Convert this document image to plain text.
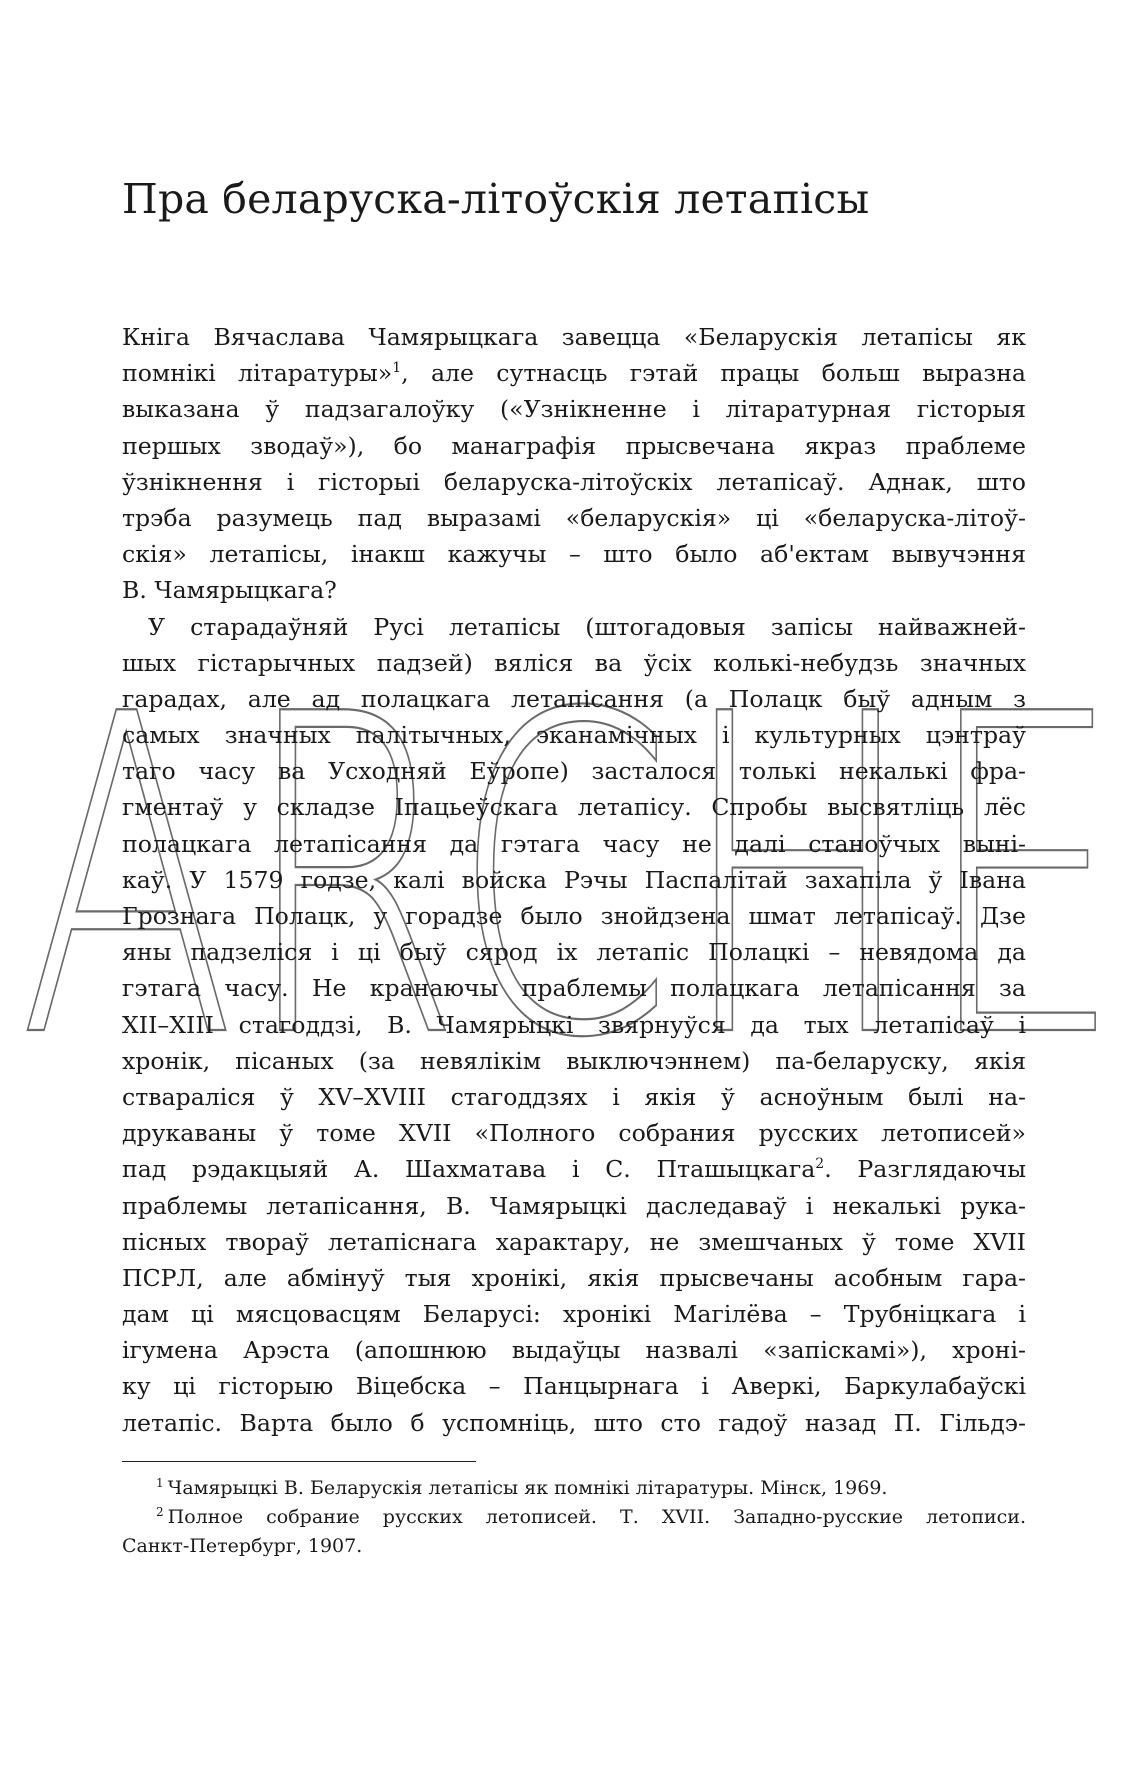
ARCHE
Пра беларуска-літоўскія летапісы
Кніга Вячаслава Чамярыцкага завецца «Беларускія летапісы як
помнікі літаратуры»$^1$, але сутнасць гэтай працы больш выразна
выказана ў падзагалоўку («Узнікненне і літаратурная гісторыя
першых зводаў»), бо манаграфія прысвечана якраз праблеме
ўзнікнення і гісторыі беларуска-літоўскіх летапісаў. Аднак, што
трэба разумець пад выразамі «беларускія» ці «беларуска-літоў-
скія» летапісы, інакш кажучы – што было аб'ектам вывучэння
В. Чамярыцкага?
У старадаўняй Русі летапісы (штогадовыя запісы найважней-
шых гістарычных падзей) вяліся ва ўсіх колькі-небудзь значных
гарадах, але ад полацкага летапісання (а Полацк быў адным з
самых значных палітычных, эканамічных і культурных цэнтраў
таго часу ва Усходняй Еўропе) засталося толькі некалькі фра-
гментаў у складзе Іпацьеўскага летапісу. Спробы высвятліць лёс
полацкага летапісання да гэтага часу не далі станоўчых вынi-
каў. У 1579 годзе, калі войска Рэчы Паспалітай захапіла ў Івана
Грознага Полацк, у горадзе было знойдзена шмат летапісаў. Дзе
яны падзеліся і ці быў сярод іх летапіс Полацкі – невядома да
гэтага часу. Не кранаючы праблемы полацкага летапісання за
XII–XIII стагоддзі, В. Чамярыцкі звярнуўся да тых летапісаў і
хронік, пісаных (за невялікім выключэннем) па-беларуску, якія
ствараліся ў XV–XVIII стагоддзях і якія ў асноўным былі на-
друкаваны ў томе XVII «Полного собрания русских летописей»
пад рэдакцыяй А. Шахматава і С. Пташыцкага$^2$. Разглядаючы
праблемы летапісання, В. Чамярыцкі даследаваў і некалькі рука-
пісных твораў летапіснага характару, не змешчаных ў томе XVII
ПСРЛ, але абмінуў тыя хронікі, якія прысвечаны асобным гара-
дам ці мясцовасцям Беларусі: хронікі Магілёва – Трубніцкага і
ігумена Арэста (апошнюю выдаўцы назвалі «запіскамі»), хроні-
ку ці гісторыю Віцебска – Панцырнага і Аверкі, Баркулабаўскі
летапіс. Варта было б успомніць, што сто гадоў назад П. Гільдэ-
$^1$ Чамярыцкі В. Беларускія летапісы як помнікі літаратуры. Мінск, 1969.
$^2$ Полное собрание русских летописей. Т. XVII. Западно-русские летописи.
Санкт-Петербург, 1907.
